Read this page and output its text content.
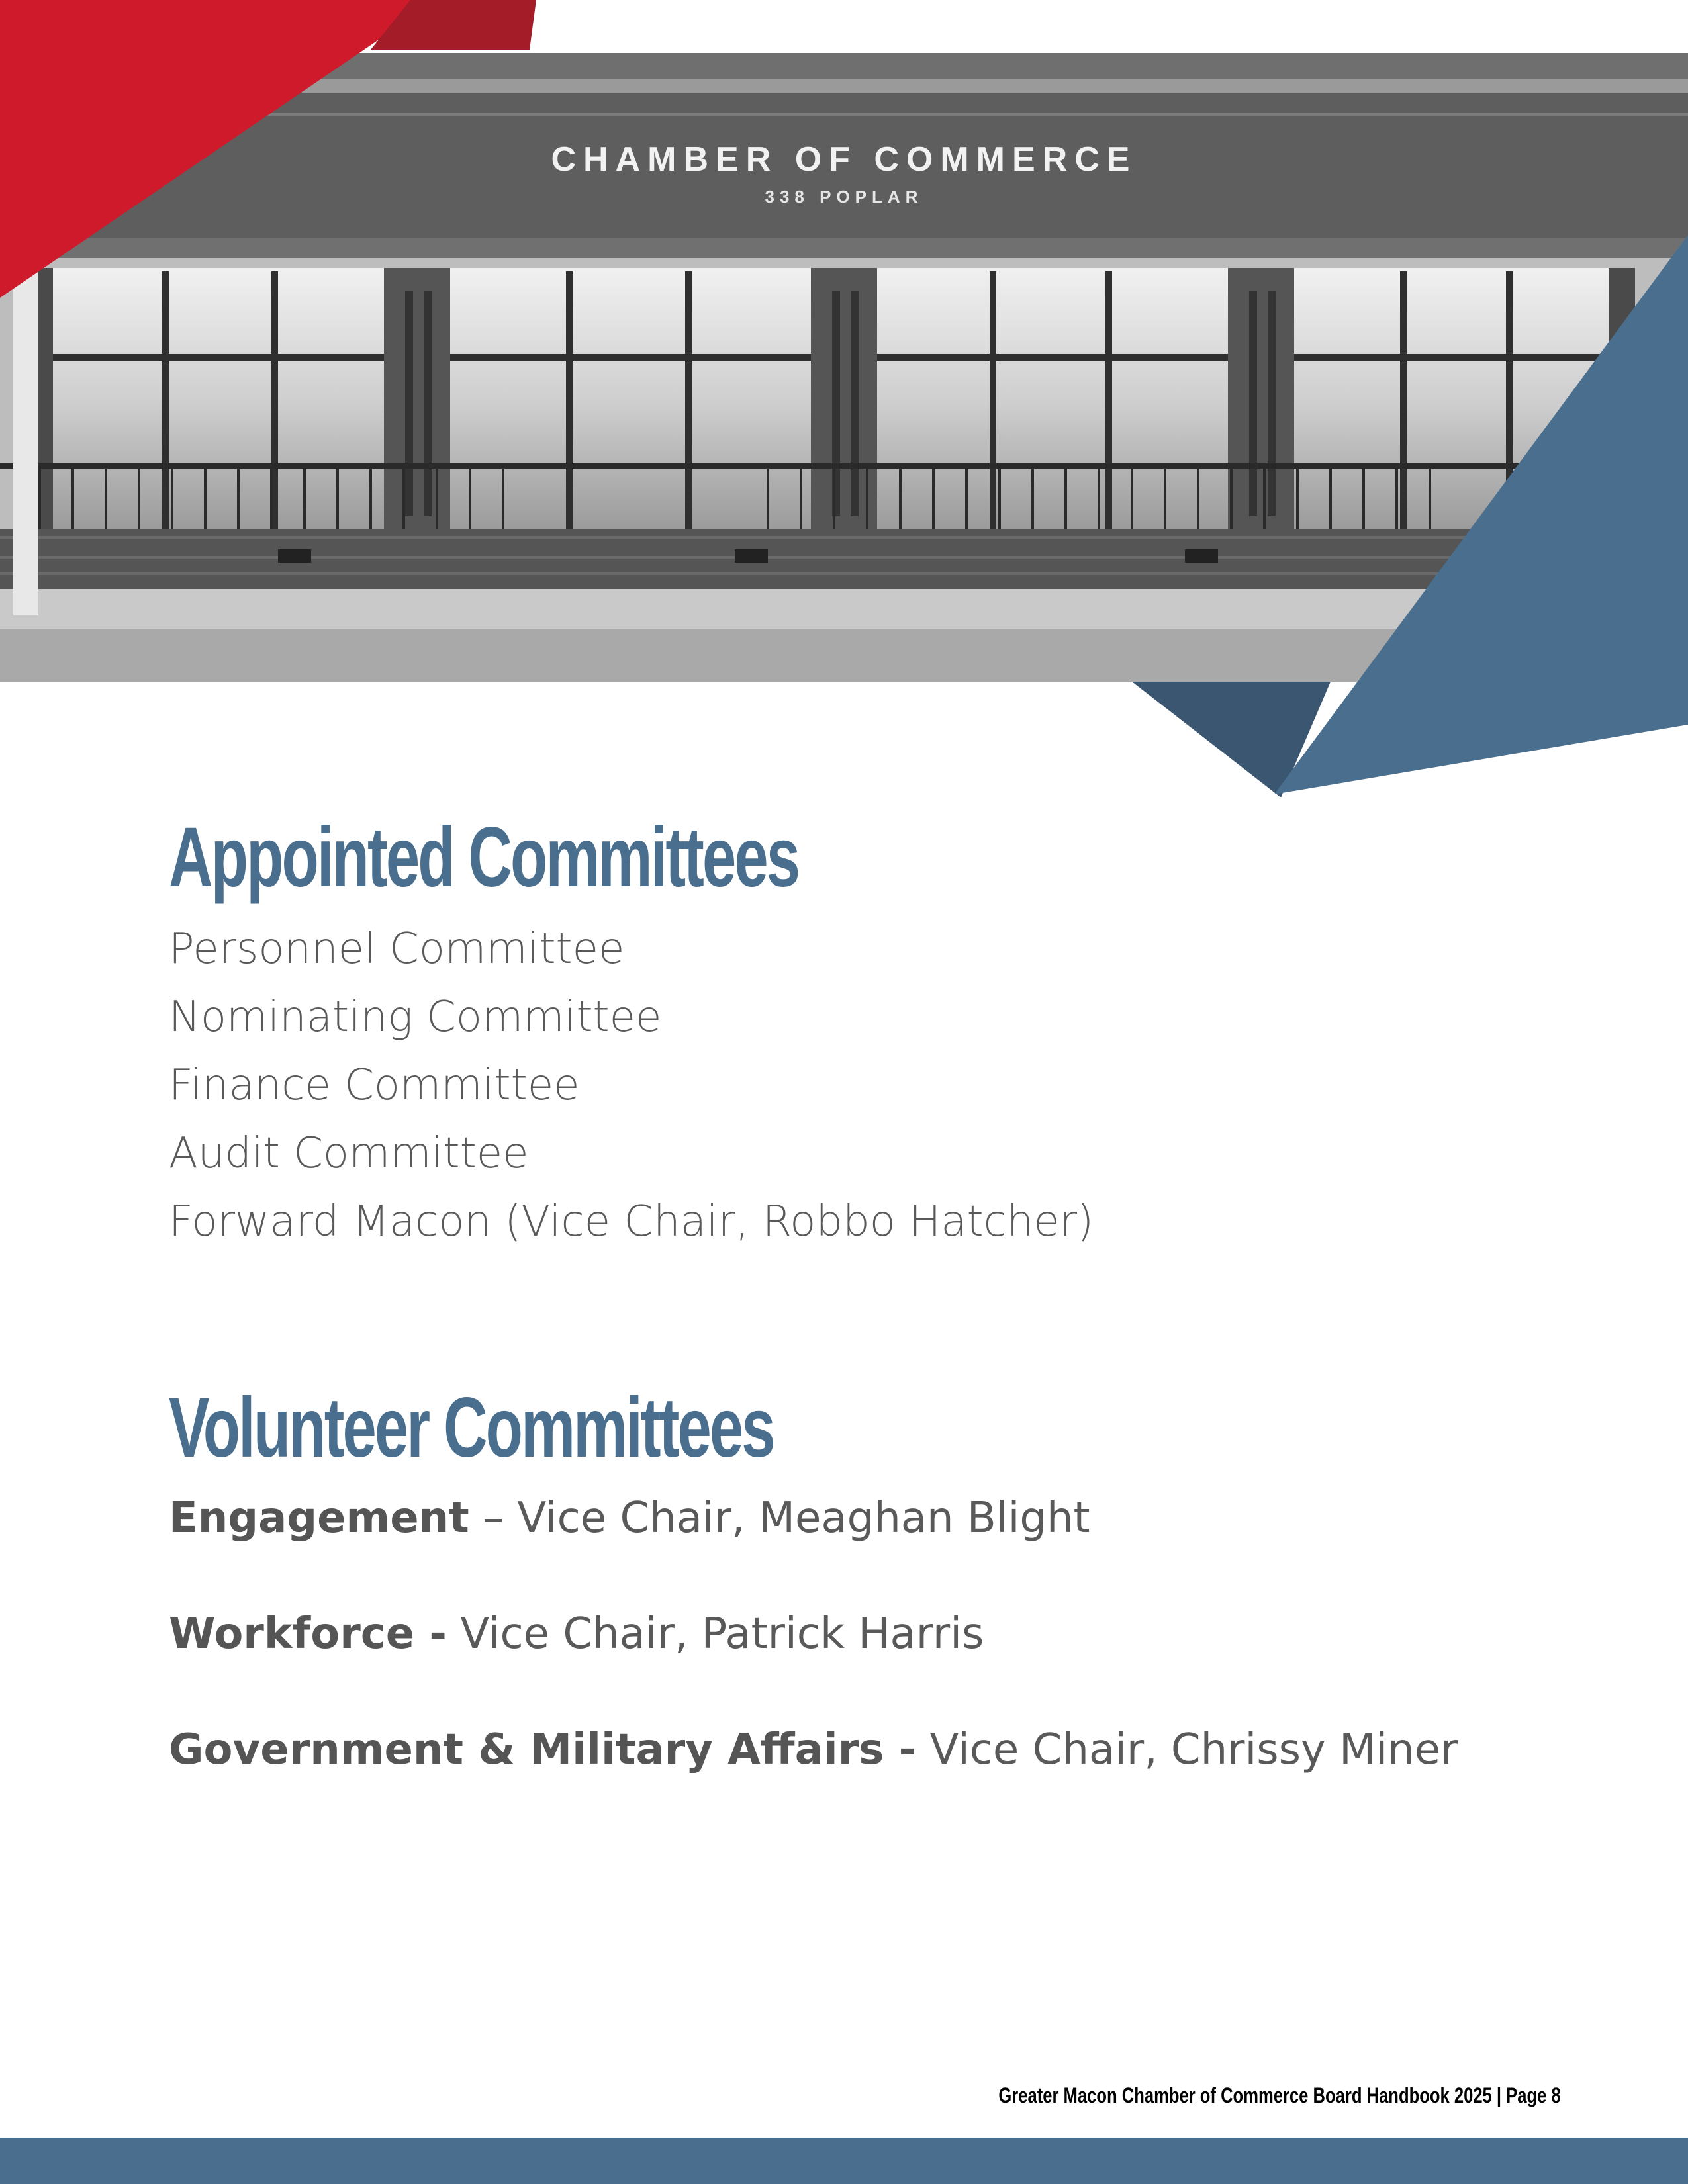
CHAMBER OF COMMERCE
338 POPLAR
Appointed Committees
Personnel Committee
Nominating Committee
Finance Committee
Audit Committee
Forward Macon (Vice Chair, Robbo Hatcher)
Volunteer Committees

Engagement – Vice Chair, Meaghan Blight

Workforce - Vice Chair, Patrick Harris

Government & Military Affairs - Vice Chair, Chrissy Miner

Greater Macon Chamber of Commerce Board Handbook 2025 | Page 8
